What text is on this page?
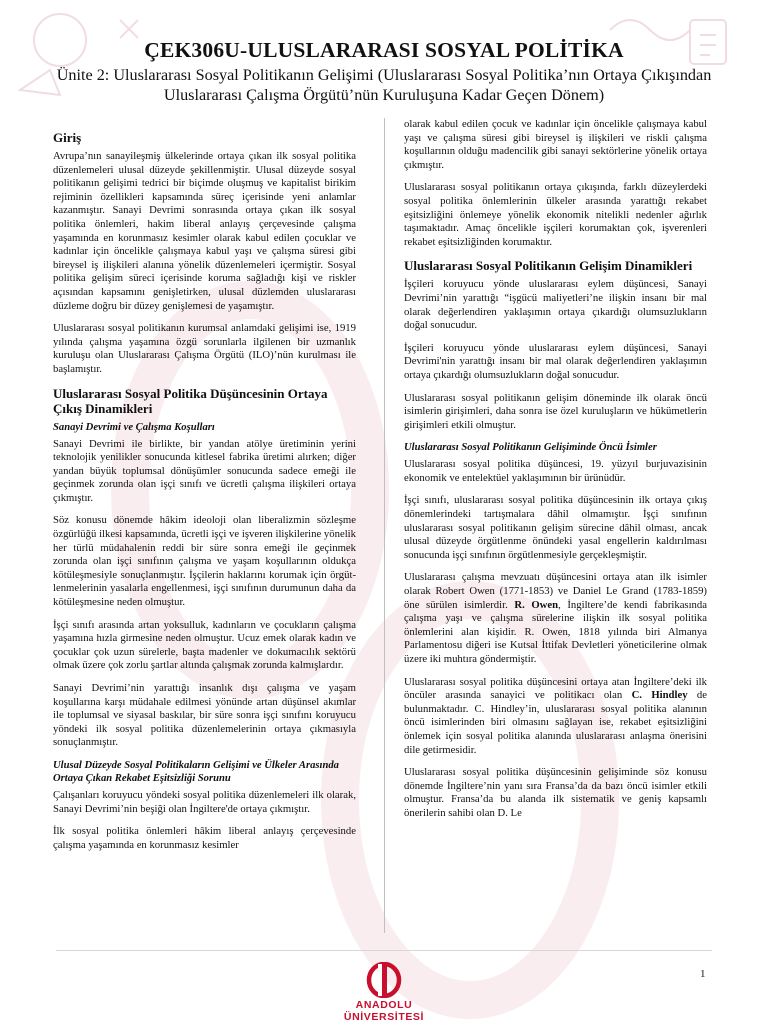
ÇEK306U-ULUSLARARASI SOSYAL POLİTİKA
Ünite 2: Uluslararası Sosyal Politikanın Gelişimi (Uluslararası Sosyal Politika’nın Ortaya Çıkışından Uluslararası Çalışma Örgütü’nün Kuruluşuna Kadar Geçen Dönem)
Giriş

Avrupa’nın sanayileşmiş ülkelerinde ortaya çıkan ilk sosyal politika düzenlemeleri ulusal düzeyde şekillenmiştir. Ulusal düzeyde sosyal politikanın gelişimi tedrici bir biçimde oluşmuş ve kapitalist birikim rejiminin özellikleri kapsamında süreç içerisinde yeni anlamlar kazanmıştır. Sanayi Devrimi sonrasında ortaya çıkan ilk sosyal politika önlemleri, hakim liberal anlayış çerçevesinde çalışma yaşamında en korunmasız kesimler olarak kabul edilen çocuklar ve kadınlar için öncelikle çalışmaya kabul yaşı ve çalışma süresi gibi bireysel iş ilişkileri alanına yönelik düzenlemeleri içermiştir. Sosyal politika gelişim süreci içerisinde koruma sağladığı kişi ve riskler açısından kapsamını genişletirken, ulusal düzlemden uluslararası düzleme doğru bir düzey genişlemesi de yaşamıştır.

Uluslararası sosyal politikanın kurumsal anlamdaki gelişimi ise, 1919 yılında çalışma yaşamına özgü sorunlarla ilgilenen bir uzmanlık kuruluşu olan Uluslararası Çalışma Örgütü (ILO)’nün kurulması ile başlamıştır.

Uluslararası Sosyal Politika Düşüncesinin Ortaya Çıkış Dinamikleri
Sanayi Devrimi ve Çalışma Koşulları

Sanayi Devrimi ile birlikte, bir yandan atölye üretiminin yerini teknolojik yenilikler sonucunda kitlesel fabrika üretimi alırken; diğer yandan büyük toplumsal dönüşümler sonucunda sadece emeği ile geçinmek zorunda olan işçi sınıfı ve ücretli çalışma ilişkileri ortaya çıkmıştır.

Söz konusu dönemde hâkim ideoloji olan liberalizmin sözleşme özgürlüğü ilkesi kapsamında, ücretli işçi ve işveren ilişkilerine yönelik her türlü müdahalenin reddi bir süre sonra emeği ile geçinmek zorunda olan işçi sınıfının çalışma ve yaşam koşullarının oldukça kötüleşmesiyle sonuçlanmıştır. İşçilerin haklarını korumak için örgütlenmelerinin yasalarla engellenmesi, işçi sınıfının durumunun daha da kötüleşmesine neden olmuştur.

İşçi sınıfı arasında artan yoksulluk, kadınların ve çocukların çalışma yaşamına hızla girmesine neden olmuştur. Ucuz emek olarak kadın ve çocuklar çok uzun sürelerle, başta madenler ve dokumacılık sektörü olmak üzere çok zorlu şartlar altında çalışmak zorunda kalmışlardır.

Sanayi Devrimi’nin yarattığı insanlık dışı çalışma ve yaşam koşullarına karşı müdahale edilmesi yönünde artan düşünsel akımlar ile toplumsal ve siyasal baskılar, bir süre sonra işçi sınıfını koruyucu yöndeki ilk sosyal politika düzenlemelerinin ortaya çıkmasıyla sonuçlanmıştır.

Ulusal Düzeyde Sosyal Politikaların Gelişimi ve Ülkeler Arasında Ortaya Çıkan Rekabet Eşitsizliği Sorunu

Çalışanları koruyucu yöndeki sosyal politika düzenlemeleri ilk olarak, Sanayi Devrimi’nin beşiği olan İngiltere'de ortaya çıkmıştır.

İlk sosyal politika önlemleri hâkim liberal anlayış çerçevesinde çalışma yaşamında en korunmasız kesimler

olarak kabul edilen çocuk ve kadınlar için öncelikle çalışmaya kabul yaşı ve çalışma süresi gibi bireysel iş ilişkileri ve riskli çalışma koşullarının olduğu madencilik gibi sanayi sektörlerine yönelik ortaya çıkmıştır.

Uluslararası sosyal politikanın ortaya çıkışında, farklı düzeylerdeki sosyal politika önlemlerinin ülkeler arasında yarattığı rekabet eşitsizliğini önlemeye yönelik ekonomik nitelikli nedenler ağırlık taşımaktadır. Amaç öncelikle işçileri korumaktan çok, işverenleri rekabet eşitsizliğinden korumaktır.

Uluslararası Sosyal Politikanın Gelişim Dinamikleri

İşçileri koruyucu yönde uluslararası eylem düşüncesi, Sanayi Devrimi’nin yarattığı “işgücü maliyetleri’ne ilişkin insanı bir mal olarak değerlendiren yaklaşımın ortaya çıkardığı olumsuzlukların doğal sonucudur.

İşçileri koruyucu yönde uluslararası eylem düşüncesi, Sanayi Devrimi'nin yarattığı insanı bir mal olarak değerlendiren yaklaşımın ortaya çıkardığı olumsuzlukların doğal sonucudur.

Uluslararası sosyal politikanın gelişim döneminde ilk olarak öncü isimlerin girişimleri, daha sonra ise özel kuruluşların ve hükümetlerin girişimleri etkili olmuştur.

Uluslararası Sosyal Politikanın Gelişiminde Öncü İsimler

Uluslararası sosyal politika düşüncesi, 19. yüzyıl burjuvazisinin ekonomik ve entelektüel yaklaşımının bir ürünüdür.

İşçi sınıfı, uluslararası sosyal politika düşüncesinin ilk ortaya çıkış dönemlerindeki tartışmalara dâhil olmamıştır. İşçi sınıfının uluslararası sosyal politikanın gelişim sürecine dâhil olması, ancak ulusal düzeyde örgütlenme önündeki yasal engellerin kaldırılması sonucunda işçi sınıfının örgütlenmesiyle gerçekleşmiştir.

Uluslararası çalışma mevzuatı düşüncesini ortaya atan ilk isimler olarak Robert Owen (1771-1853) ve Daniel Le Grand (1783-1859) öne sürülen isimlerdir. R. Owen, İngiltere’de kendi fabrikasında çalışma yaşı ve çalışma sürelerine ilişkin ilk sosyal politika önlemlerini alan kişidir. R. Owen, 1818 yılında biri Almanya Parlamentosu diğeri ise Kutsal İttifak Devletleri yöneticilerine olmak üzere iki muhtıra göndermiştir.

Uluslararası sosyal politika düşüncesini ortaya atan İngiltere’deki ilk öncüler arasında sanayici ve politikacı olan C. Hindley de bulunmaktadır. C. Hindley’in, uluslararası sosyal politika alanının öncü isimlerinden biri olmasını sağlayan ise, rekabet eşitsizliğini önlemek için sosyal politika alanında uluslararası anlaşma önerisini dile getirmesidir.

Uluslararası sosyal politika düşüncesinin gelişiminde söz konusu dönemde İngiltere’nin yanı sıra Fransa’da da bazı öncü isimler etkili olmuştur. Fransa’da bu alanda ilk sistematik ve geniş kapsamlı önerilerin sahibi olan D. Le

ANADOLU ÜNİVERSİTESİ
1
